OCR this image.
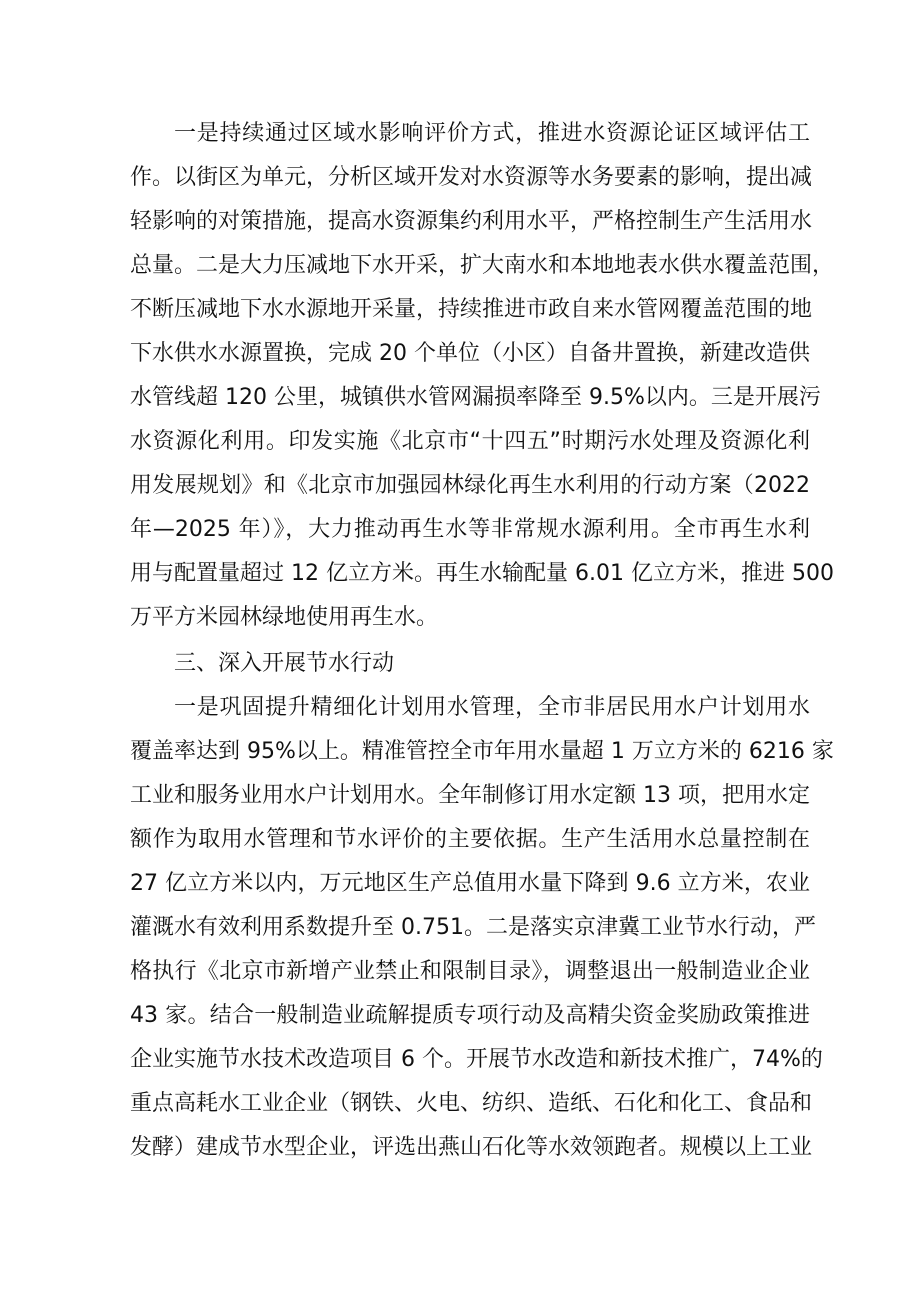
一是持续通过区域水影响评价方式，推进水资源论证区域评估工
作。以街区为单元，分析区域开发对水资源等水务要素的影响，提出减
轻影响的对策措施，提高水资源集约利用水平，严格控制生产生活用水
总量。二是大力压减地下水开采，扩大南水和本地地表水供水覆盖范围，
不断压减地下水水源地开采量，持续推进市政自来水管网覆盖范围的地
下水供水水源置换，完成 20 个单位（小区）自备井置换，新建改造供
水管线超 120 公里，城镇供水管网漏损率降至 9.5%以内。三是开展污
水资源化利用。印发实施《北京市“十四五”时期污水处理及资源化利
用发展规划》和《北京市加强园林绿化再生水利用的行动方案（2022
年—2025 年）》，大力推动再生水等非常规水源利用。全市再生水利
用与配置量超过 12 亿立方米。再生水输配量 6.01 亿立方米，推进 500
万平方米园林绿地使用再生水。
三、深入开展节水行动
一是巩固提升精细化计划用水管理，全市非居民用水户计划用水
覆盖率达到 95%以上。精准管控全市年用水量超 1 万立方米的 6216 家
工业和服务业用水户计划用水。全年制修订用水定额 13 项，把用水定
额作为取用水管理和节水评价的主要依据。生产生活用水总量控制在
27 亿立方米以内，万元地区生产总值用水量下降到 9.6 立方米，农业
灌溉水有效利用系数提升至 0.751。二是落实京津冀工业节水行动，严
格执行《北京市新增产业禁止和限制目录》，调整退出一般制造业企业
43 家。结合一般制造业疏解提质专项行动及高精尖资金奖励政策推进
企业实施节水技术改造项目 6 个。开展节水改造和新技术推广，74%的
重点高耗水工业企业（钢铁、火电、纺织、造纸、石化和化工、食品和
发酵）建成节水型企业，评选出燕山石化等水效领跑者。规模以上工业
